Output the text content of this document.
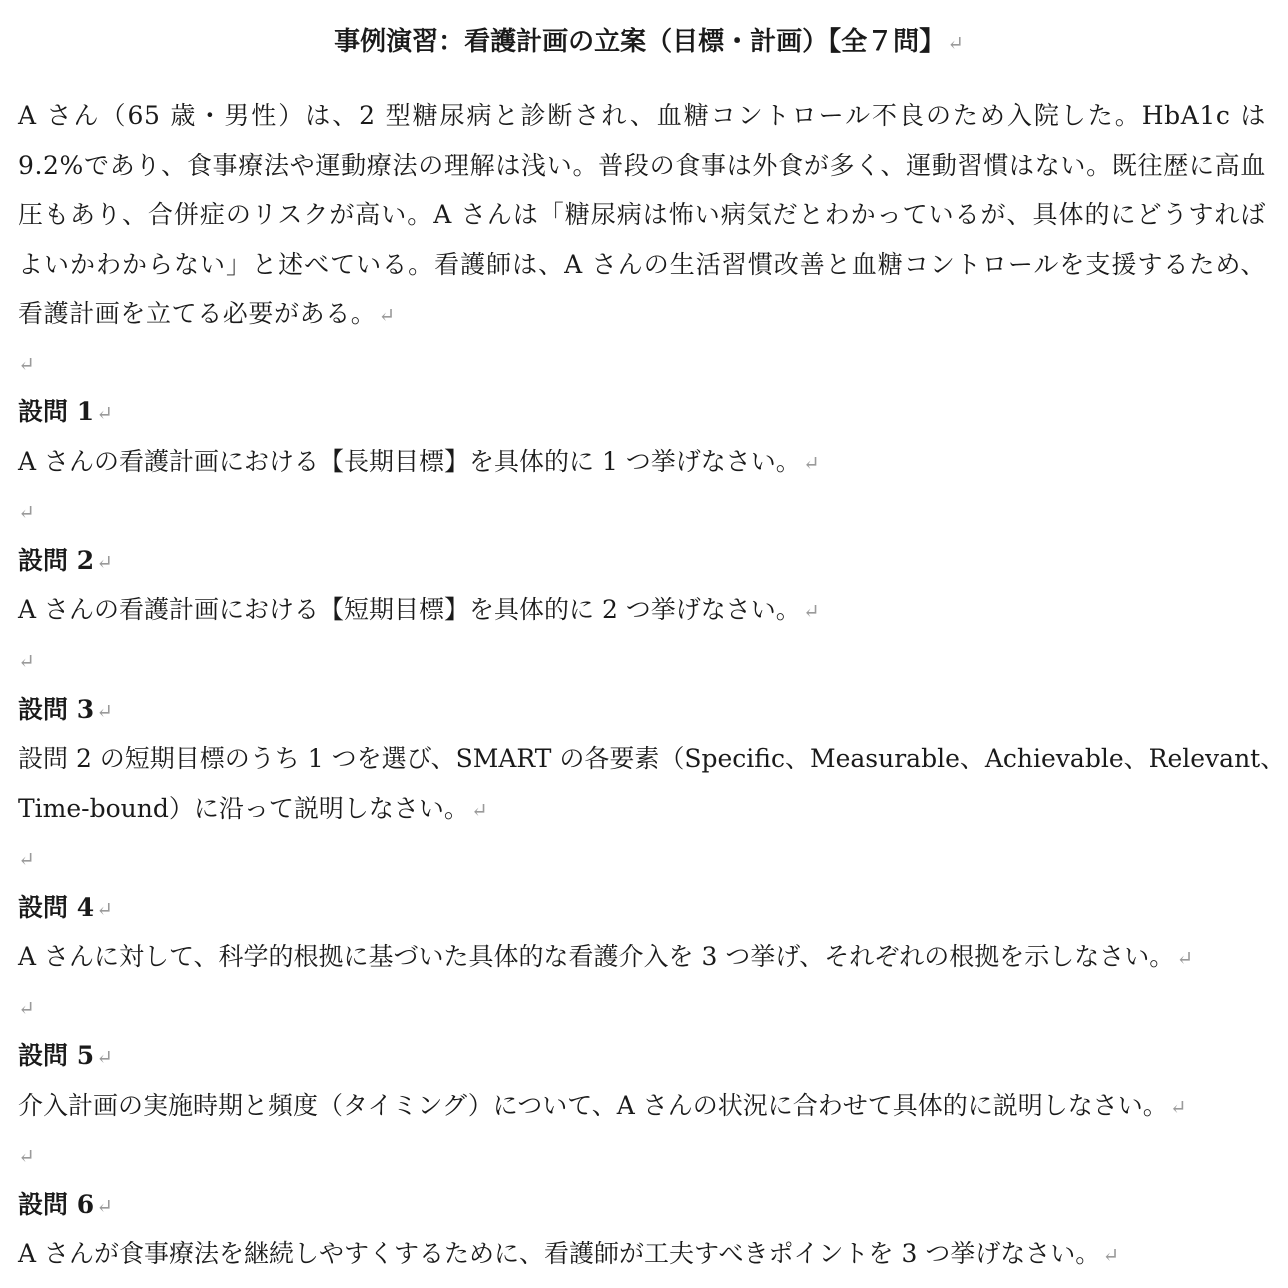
事例演習：看護計画の立案（目標・計画）【全７問】 ↵

A さん（65 歳・男性）は、2 型糖尿病と診断され、血糖コントロール不良のため入院した。HbA1c は 9.2%であり、食事療法や運動療法の理解は浅い。普段の食事は外食が多く、運動習慣はない。既往歴に高血圧もあり、合併症のリスクが高い。A さんは「糖尿病は怖い病気だとわかっているが、具体的にどうすればよいかわからない」と述べている。看護師は、A さんの生活習慣改善と血糖コントロールを支援するため、看護計画を立てる必要がある。 ↵

↵
設問 1 ↵
A さんの看護計画における【長期目標】を具体的に 1 つ挙げなさい。 ↵
↵
設問 2 ↵
A さんの看護計画における【短期目標】を具体的に 2 つ挙げなさい。 ↵
↵
設問 3 ↵
設問 2 の短期目標のうち 1 つを選び、SMART の各要素（Specific、Measurable、Achievable、Relevant、
Time-bound）に沿って説明しなさい。 ↵
↵
設問 4 ↵
A さんに対して、科学的根拠に基づいた具体的な看護介入を 3 つ挙げ、それぞれの根拠を示しなさい。 ↵
↵
設問 5 ↵
介入計画の実施時期と頻度（タイミング）について、A さんの状況に合わせて具体的に説明しなさい。 ↵
↵
設問 6 ↵
A さんが食事療法を継続しやすくするために、看護師が工夫すべきポイントを 3 つ挙げなさい。 ↵
